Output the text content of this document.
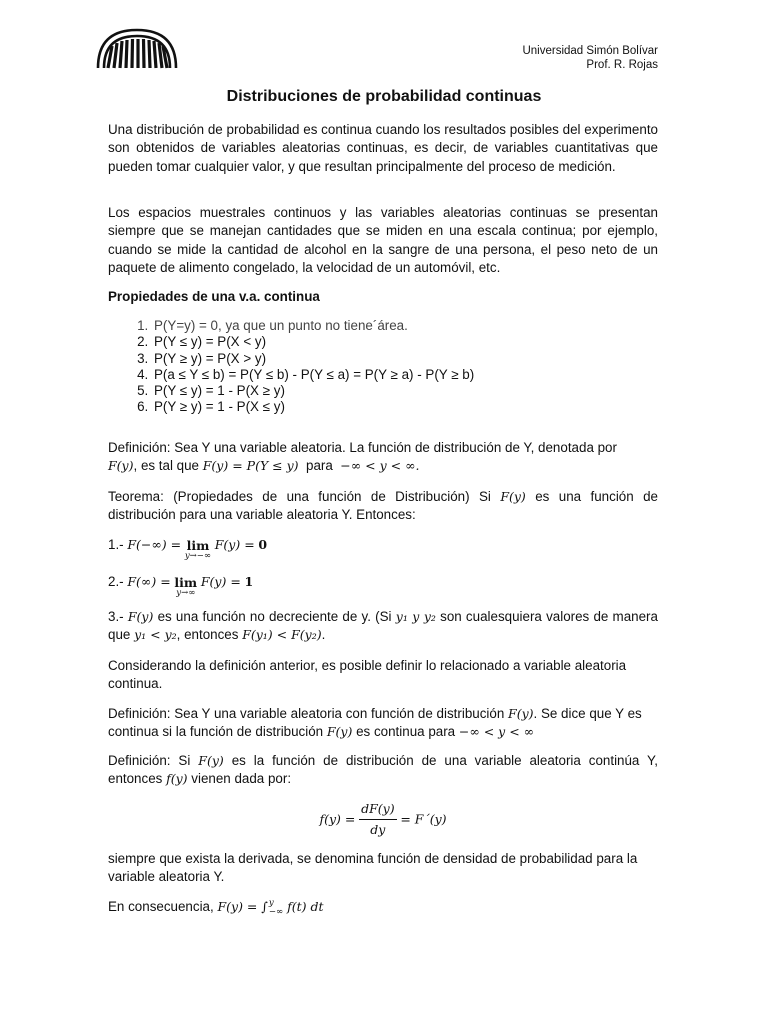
Universidad Simón Bolívar
Prof. R. Rojas
Distribuciones de probabilidad continuas
Una distribución de probabilidad es continua cuando los resultados posibles del experimento son obtenidos de variables aleatorias continuas, es decir, de variables cuantitativas que pueden tomar cualquier valor, y que resultan principalmente del proceso de medición.
Los espacios muestrales continuos y las variables aleatorias continuas se presentan siempre que se manejan cantidades que se miden en una escala continua; por ejemplo, cuando se mide la cantidad de alcohol en la sangre de una persona, el peso neto de un paquete de alimento congelado, la velocidad de un automóvil, etc.
Propiedades de una v.a. continua
1. P(Y=y) = 0, ya que un punto no tiene´área.
2. P(Y ≤ y) = P(X < y)
3. P(Y ≥ y) = P(X > y)
4. P(a ≤ Y ≤ b) = P(Y ≤ b) - P(Y ≤ a) = P(Y ≥ a) - P(Y ≥ b)
5. P(Y ≤ y) = 1 - P(X ≥ y)
6. P(Y ≥ y) = 1 - P(X ≤ y)
Definición: Sea Y una variable aleatoria. La función de distribución de Y, denotada por
F(y), es tal que F(y) = P(Y ≤ y) para −∞ < y < ∞.
Teorema: (Propiedades de una función de Distribución) Si F(y) es una función de distribución para una variable aleatoria Y. Entonces:
1.- F(−∞) = lim
y→−∞
F(y) = 0
2.- F(∞) = lim
y→∞
F(y) = 1
3.- F(y) es una función no decreciente de y. (Si y₁ y y₂ son cualesquiera valores de manera que y₁ < y₂, entonces F(y₁) < F(y₂).
Considerando la definición anterior, es posible definir lo relacionado a variable aleatoria continua.
Definición: Sea Y una variable aleatoria con función de distribución F(y). Se dice que Y es continua si la función de distribución F(y) es continua para −∞ < y < ∞
Definición: Si F(y) es la función de distribución de una variable aleatoria continúa Y, entonces f(y) vienen dada por:
$f(y) = \frac{dF(y)}{dy}$ = F´(y)
siempre que exista la derivada, se denomina función de densidad de probabilidad para la variable aleatoria Y.
En consecuencia, F(y) = ∫ y
−∞ f(t) dt
